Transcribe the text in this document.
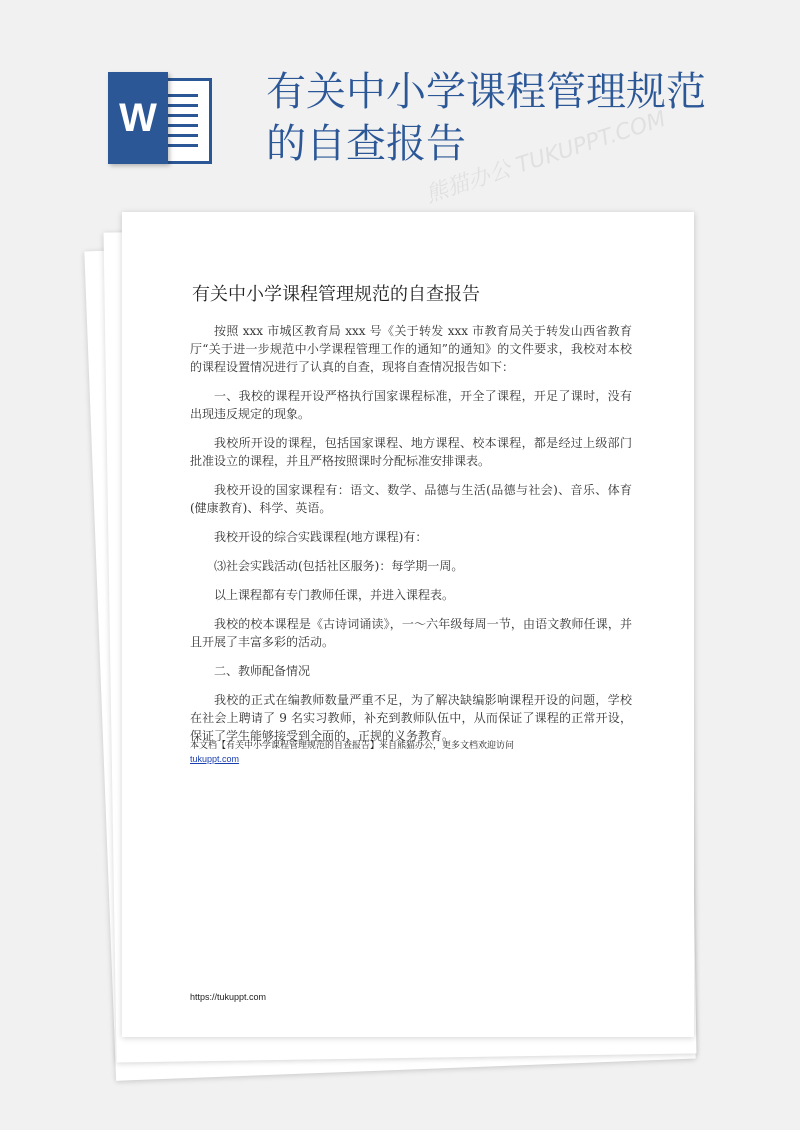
W
有关中小学课程管理规范的自查报告
熊猫办公 TUKUPPT.COM
有关中小学课程管理规范的自查报告

按照 xxx 市城区教育局 xxx 号《关于转发 xxx 市教育局关于转发山西省教育厅“关于进一步规范中小学课程管理工作的通知”的通知》的文件要求，我校对本校的课程设置情况进行了认真的自查，现将自查情况报告如下：

一、我校的课程开设严格执行国家课程标准，开全了课程，开足了课时，没有出现违反规定的现象。

我校所开设的课程，包括国家课程、地方课程、校本课程，都是经过上级部门批准设立的课程，并且严格按照课时分配标准安排课表。

我校开设的国家课程有：语文、数学、品德与生活(品德与社会)、音乐、体育(健康教育)、科学、英语。

我校开设的综合实践课程(地方课程)有：

⑶社会实践活动(包括社区服务)：每学期一周。

以上课程都有专门教师任课，并进入课程表。

我校的校本课程是《古诗词诵读》，一～六年级每周一节，由语文教师任课，并且开展了丰富多彩的活动。

二、教师配备情况

我校的正式在编教师数量严重不足，为了解决缺编影响课程开设的问题，学校在社会上聘请了 9 名实习教师，补充到教师队伍中，从而保证了课程的正常开设，保证了学生能够接受到全面的、正规的义务教育。

本文档【有关中小学课程管理规范的自查报告】来自熊猫办公，更多文档欢迎访问
tukuppt.com
https://tukuppt.com
